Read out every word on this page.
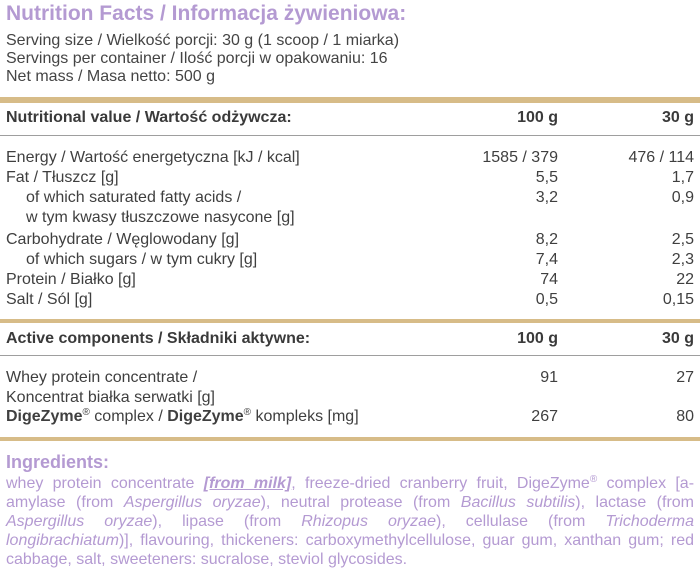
Nutrition Facts / Informacja żywieniowa:
Serving size / Wielkość porcji: 30 g (1 scoop / 1 miarka)
Servings per container / Ilość porcji w opakowaniu: 16
Net mass / Masa netto: 500 g
Nutritional value / Wartość odżywcza:	100 g	30 g
Energy / Wartość energetyczna [kJ / kcal]	1585 / 379	476 / 114
Fat / Tłuszcz [g]	5,5	1,7
of which saturated fatty acids /	3,2	0,9
w tym kwasy tłuszczowe nasycone [g]
Carbohydrate / Węglowodany [g]	8,2	2,5
of which sugars / w tym cukry [g]	7,4	2,3
Protein / Białko [g]	74	22
Salt / Sól [g]	0,5	0,15
Active components / Składniki aktywne:	100 g	30 g
Whey protein concentrate /	91	27
Koncentrat białka serwatki [g]
DigeZyme® complex / DigeZyme® kompleks [mg]	267	80
Ingredients:
whey protein concentrate [from milk], freeze-dried cranberry fruit, DigeZyme® complex [a-amylase (from Aspergillus oryzae), neutral protease (from Bacillus subtilis), lactase (from Aspergillus oryzae), lipase (from Rhizopus oryzae), cellulase (from Trichoderma longibrachiatum)], flavouring, thickeners: carboxymethylcellulose, guar gum, xanthan gum; red cabbage, salt, sweeteners: sucralose, steviol glycosides.
